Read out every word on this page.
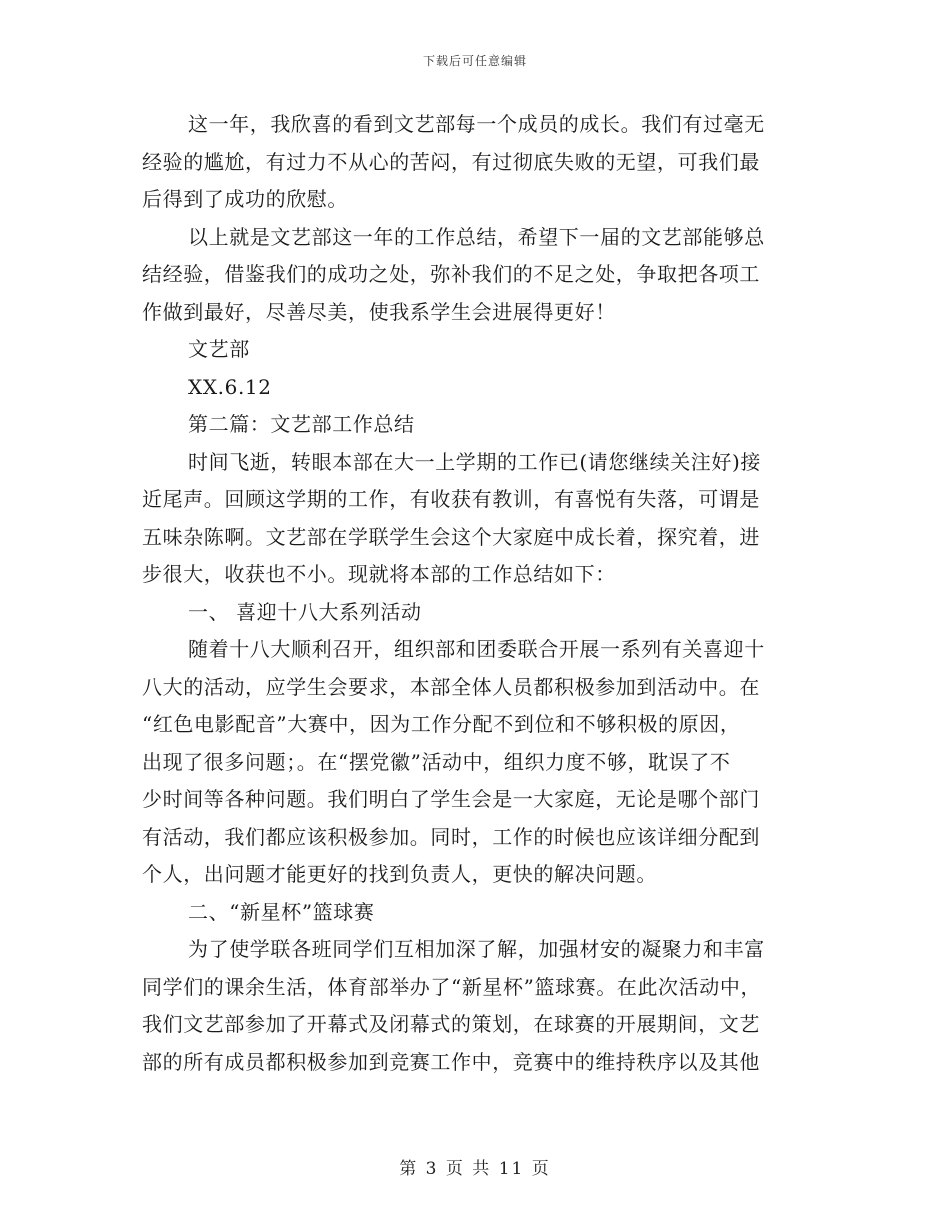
下载后可任意编辑
这一年，我欣喜的看到文艺部每一个成员的成长。我们有过毫无
经验的尴尬，有过力不从心的苦闷，有过彻底失败的无望，可我们最
后得到了成功的欣慰。
以上就是文艺部这一年的工作总结，希望下一届的文艺部能够总
结经验，借鉴我们的成功之处，弥补我们的不足之处，争取把各项工
作做到最好，尽善尽美，使我系学生会进展得更好！
文艺部
XX.6.12
第二篇：文艺部工作总结
时间飞逝，转眼本部在大一上学期的工作已(请您继续关注好)接
近尾声。回顾这学期的工作，有收获有教训，有喜悦有失落，可谓是
五味杂陈啊。文艺部在学联学生会这个大家庭中成长着，探究着，进
步很大，收获也不小。现就将本部的工作总结如下：
一、 喜迎十八大系列活动
随着十八大顺利召开，组织部和团委联合开展一系列有关喜迎十
八大的活动，应学生会要求，本部全体人员都积极参加到活动中。在
“红色电影配音”大赛中，因为工作分配不到位和不够积极的原因，
出现了很多问题；。在“摆党徽”活动中，组织力度不够，耽误了不
少时间等各种问题。我们明白了学生会是一大家庭，无论是哪个部门
有活动，我们都应该积极参加。同时，工作的时候也应该详细分配到
个人，出问题才能更好的找到负责人，更快的解决问题。
二、“新星杯”篮球赛
为了使学联各班同学们互相加深了解，加强材安的凝聚力和丰富
同学们的课余生活，体育部举办了“新星杯”篮球赛。在此次活动中，
我们文艺部参加了开幕式及闭幕式的策划，在球赛的开展期间，文艺
部的所有成员都积极参加到竞赛工作中，竞赛中的维持秩序以及其他
第 3 页 共 11 页
